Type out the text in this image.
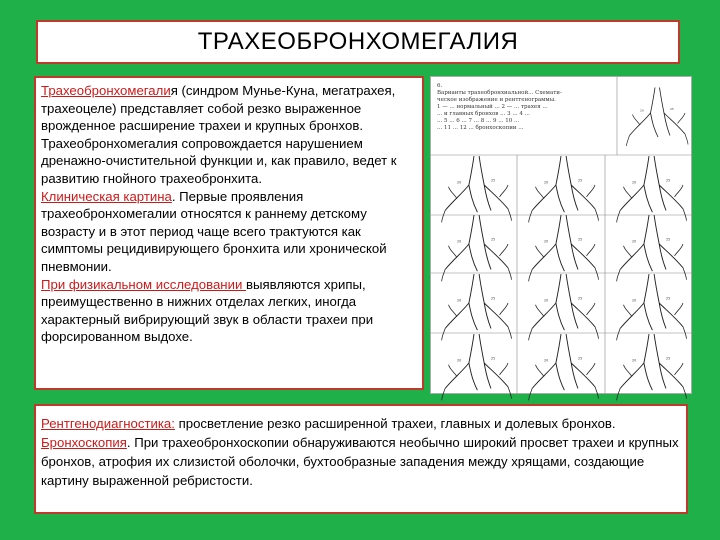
ТРАХЕОБРОНХОМЕГАЛИЯ

Трахеобронхомегалия (синдром Мунье-Куна, мегатрахея, трахеоцеле) представляет собой резко выраженное врожденное расширение трахеи и крупных бронхов.

Трахеобронхомегалия сопровождается нарушением дренажно-очистительной функции и, как правило, ведет к развитию гнойного трахеобронхита.

Клиническая картина. Первые проявления трахеобронхомегалии относятся к раннему детскому возрасту и в этот период чаще всего трактуются как симптомы рецидивирующего бронхита или хронической пневмонии.

При физикальном исследовании выявляются хрипы, преимущественно в нижних отделах легких, иногда характерный вибрирующий звук в области трахеи при форсированном выдохе.

6.
Варианты трахеобронхиальной... Схемати-
ческое изображение и рентгенограммы.
1 — ... нормальный ... 2 — ... трахея ...
... и главных бронхов ... 3 ... 4 ...
... 5 ... 6 ... 7 ... 8 ... 9 ... 10 ...
... 11 ... 12 ... бронхоскопии ...
20	25

Рентгенодиагностика: просветление резко расширенной трахеи, главных и долевых бронхов.

Бронхоскопия. При трахеобронхоскопии обнаруживаются необычно широкий просвет трахеи и крупных бронхов, атрофия их слизистой оболочки, бухтообразные западения между хрящами, создающие картину выраженной ребристости.
